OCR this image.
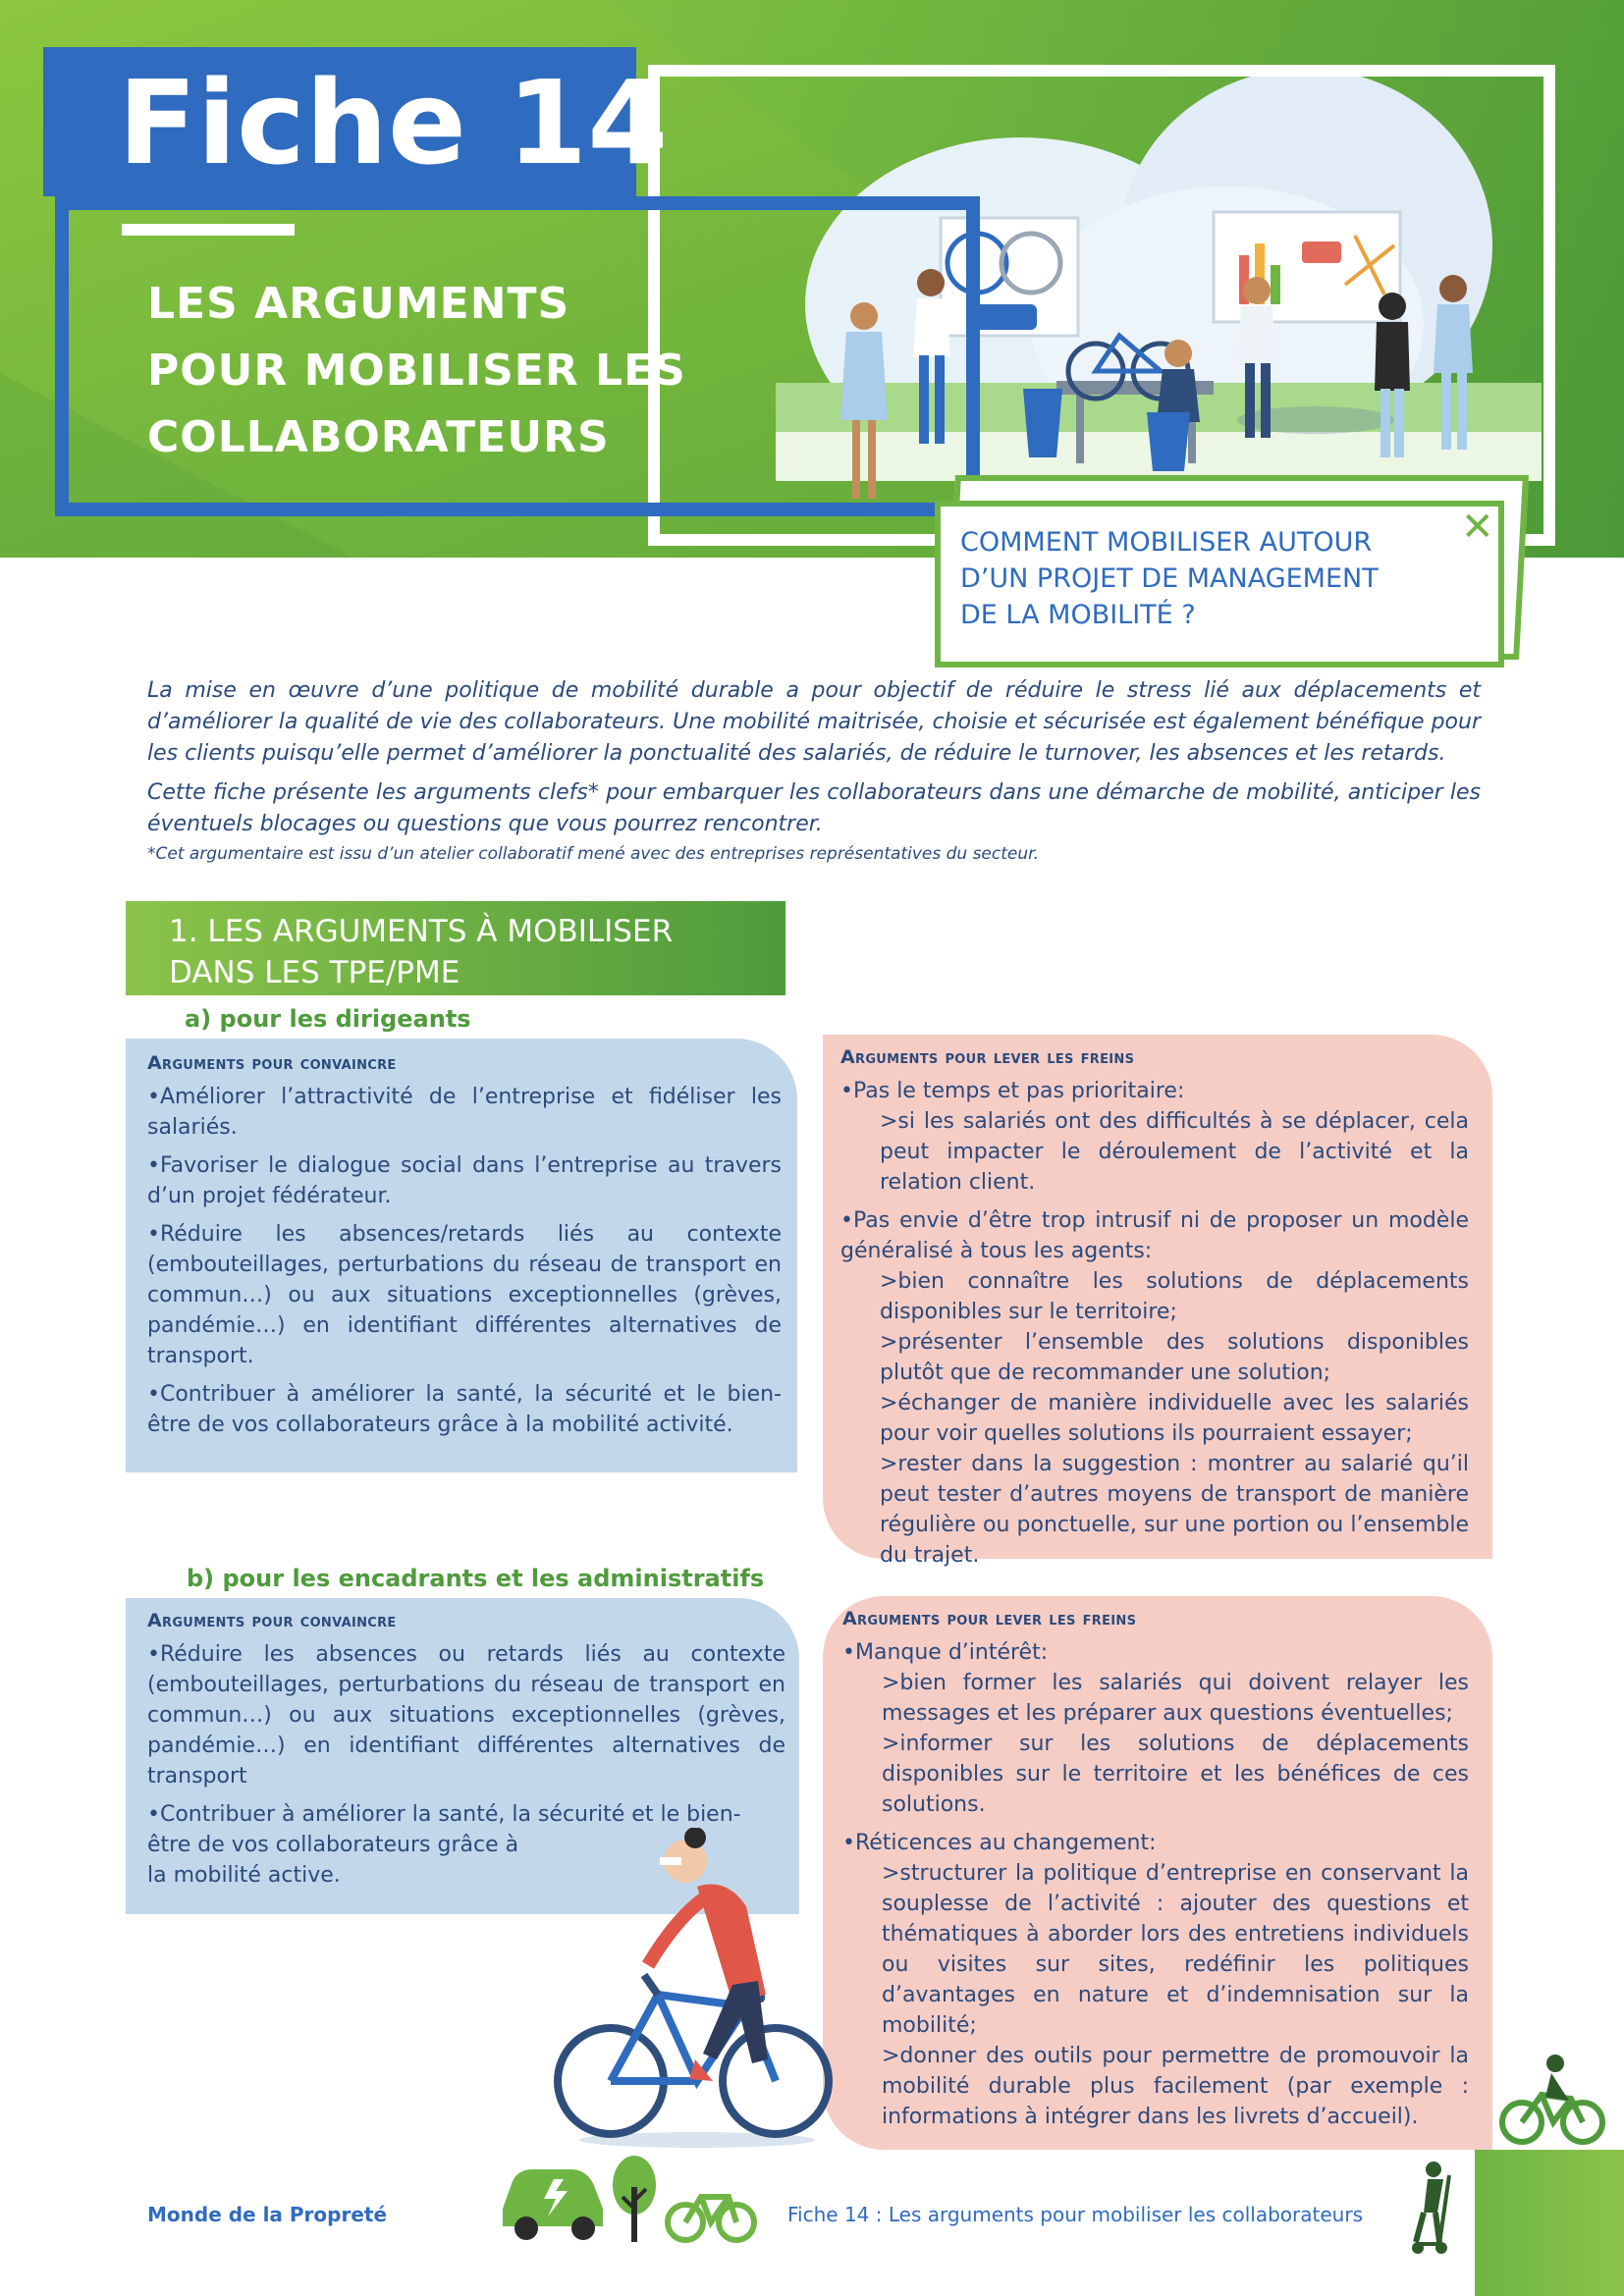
Fiche 14
LES ARGUMENTS
POUR MOBILISER LES
COLLABORATEURS
COMMENT MOBILISER AUTOUR
D’UN PROJET DE MANAGEMENT
DE LA MOBILITÉ ?
✕

La mise en œuvre d’une politique de mobilité durable a pour objectif de réduire le stress lié aux déplacements et d’améliorer la qualité de vie des collaborateurs. Une mobilité maitrisée, choisie et sécurisée est également bénéfique pour les clients puisqu’elle permet d’améliorer la ponctualité des salariés, de réduire le turnover, les absences et les retards.

Cette fiche présente les arguments clefs* pour embarquer les collaborateurs dans une démarche de mobilité, anticiper les éventuels blocages ou questions que vous pourrez rencontrer.

*Cet argumentaire est issu d’un atelier collaboratif mené avec des entreprises représentatives du secteur.
1. LES ARGUMENTS À MOBILISER
DANS LES TPE/PME
a) pour les dirigeants
Arguments pour convaincre
•Améliorer l’attractivité de l’entreprise et fidéliser les salariés.
•Favoriser le dialogue social dans l’entreprise au travers d’un projet fédérateur.
•Réduire les absences/retards liés au contexte (embouteillages, perturbations du réseau de transport en commun…) ou aux situations exceptionnelles (grèves, pandémie…) en identifiant différentes alternatives de transport.
•Contribuer à améliorer la santé, la sécurité et le bien-être de vos collaborateurs grâce à la mobilité activité.
Arguments pour lever les freins
•Pas le temps et pas prioritaire:
>si les salariés ont des difficultés à se déplacer, cela peut impacter le déroulement de l’activité et la relation client.
•Pas envie d’être trop intrusif ni de proposer un modèle généralisé à tous les agents:
>bien connaître les solutions de déplacements disponibles sur le territoire;
>présenter l’ensemble des solutions disponibles plutôt que de recommander une solution;
>échanger de manière individuelle avec les salariés pour voir quelles solutions ils pourraient essayer;
>rester dans la suggestion : montrer au salarié qu’il peut tester d’autres moyens de transport de manière régulière ou ponctuelle, sur une portion ou l’ensemble du trajet.
b) pour les encadrants et les administratifs
Arguments pour convaincre
•Réduire les absences ou retards liés au contexte (embouteillages, perturbations du réseau de transport en commun…) ou aux situations exceptionnelles (grèves, pandémie…) en identifiant différentes alternatives de transport
•Contribuer à améliorer la santé, la sécurité et le bien-
être de vos collaborateurs grâce à
la mobilité active.
Arguments pour lever les freins
•Manque d’intérêt:
>bien former les salariés qui doivent relayer les messages et les préparer aux questions éventuelles;
>informer sur les solutions de déplacements disponibles sur le territoire et les bénéfices de ces solutions.
•Réticences au changement:
>structurer la politique d’entreprise en conservant la souplesse de l’activité : ajouter des questions et thématiques à aborder lors des entretiens individuels ou visites sur sites, redéfinir les politiques d’avantages en nature et d’indemnisation sur la mobilité;
>donner des outils pour permettre de promouvoir la mobilité durable plus facilement (par exemple : informations à intégrer dans les livrets d’accueil).
Monde de la Propreté	Fiche 14 : Les arguments pour mobiliser les collaborateurs
